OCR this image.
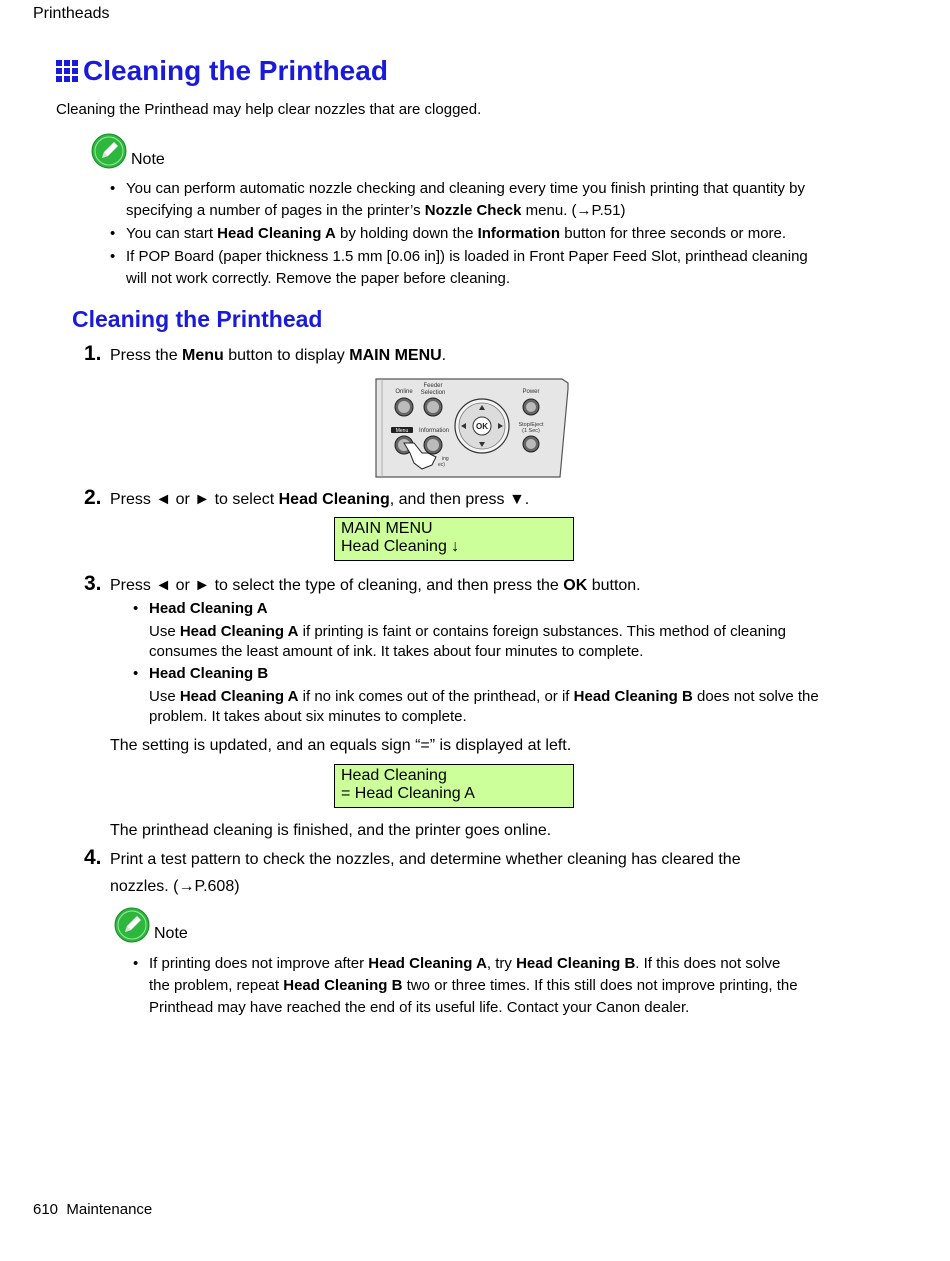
Printheads
Cleaning the Printhead
Cleaning the Printhead may help clear nozzles that are clogged.
Note
• You can perform automatic nozzle checking and cleaning every time you finish printing that quantity by
specifying a number of pages in the printer’s Nozzle Check menu. (→P.51)
• You can start Head Cleaning A by holding down the Information button for three seconds or more.
• If POP Board (paper thickness 1.5 mm [0.06 in]) is loaded in Front Paper Feed Slot, printhead cleaning
will not work correctly. Remove the paper before cleaning.
Cleaning the Printhead
1. Press the Menu button to display MAIN MENU.
Online
Feeder
Selection	Power
Menu Information
ing
ec)
OK	Stop/Eject
(1 Sec)
2. Press ◄ or ► to select Head Cleaning, and then press ▼.
MAIN MENU
Head Cleaning ↓
3. Press ◄ or ► to select the type of cleaning, and then press the OK button.
• Head Cleaning A
Use Head Cleaning A if printing is faint or contains foreign substances. This method of cleaning
consumes the least amount of ink. It takes about four minutes to complete.
• Head Cleaning B
Use Head Cleaning A if no ink comes out of the printhead, or if Head Cleaning B does not solve the
problem. It takes about six minutes to complete.
The setting is updated, and an equals sign “=” is displayed at left.
Head Cleaning
= Head Cleaning A
The printhead cleaning is finished, and the printer goes online.
4. Print a test pattern to check the nozzles, and determine whether cleaning has cleared the
nozzles. (→P.608)
Note
• If printing does not improve after Head Cleaning A, try Head Cleaning B. If this does not solve
the problem, repeat Head Cleaning B two or three times. If this still does not improve printing, the
Printhead may have reached the end of its useful life. Contact your Canon dealer.
610 Maintenance
